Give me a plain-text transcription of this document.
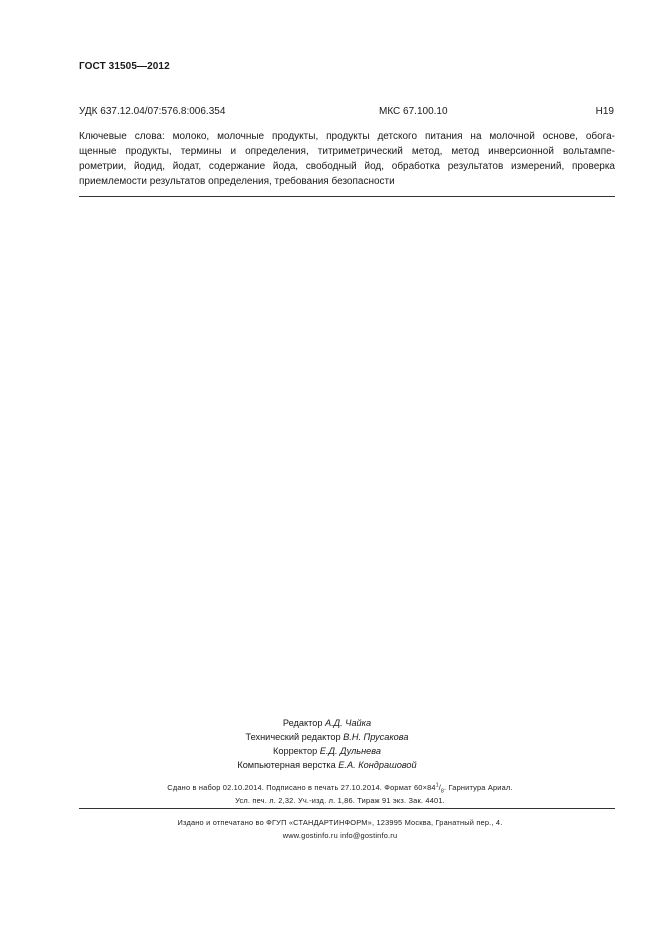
ГОСТ 31505—2012
УДК 637.12.04/07:576.8:006.354	МКС 67.100.10	Н19
Ключевые слова: молоко, молочные продукты, продукты детского питания на молочной основе, обога-
щенные продукты, термины и определения, титриметрический метод, метод инверсионной вольтампе-
рометрии, йодид, йодат, содержание йода, свободный йод, обработка результатов измерений, проверка
приемлемости результатов определения, требования безопасности
Редактор А.Д. Чайка
Технический редактор В.Н. Прусакова
Корректор Е.Д. Дульнева
Компьютерная верстка Е.А. Кондрашовой
Сдано в набор 02.10.2014. Подписано в печать 27.10.2014. Формат $60\times 84^1/_8$. Гарнитура Ариал.
Усл. печ. л. 2,32. Уч.-изд. л. 1,86. Тираж 91 экз. Зак. 4401.
Издано и отпечатано во ФГУП «СТАНДАРТИНФОРМ», 123995 Москва, Гранатный пер., 4.
www.gostinfo.ru info@gostinfo.ru
